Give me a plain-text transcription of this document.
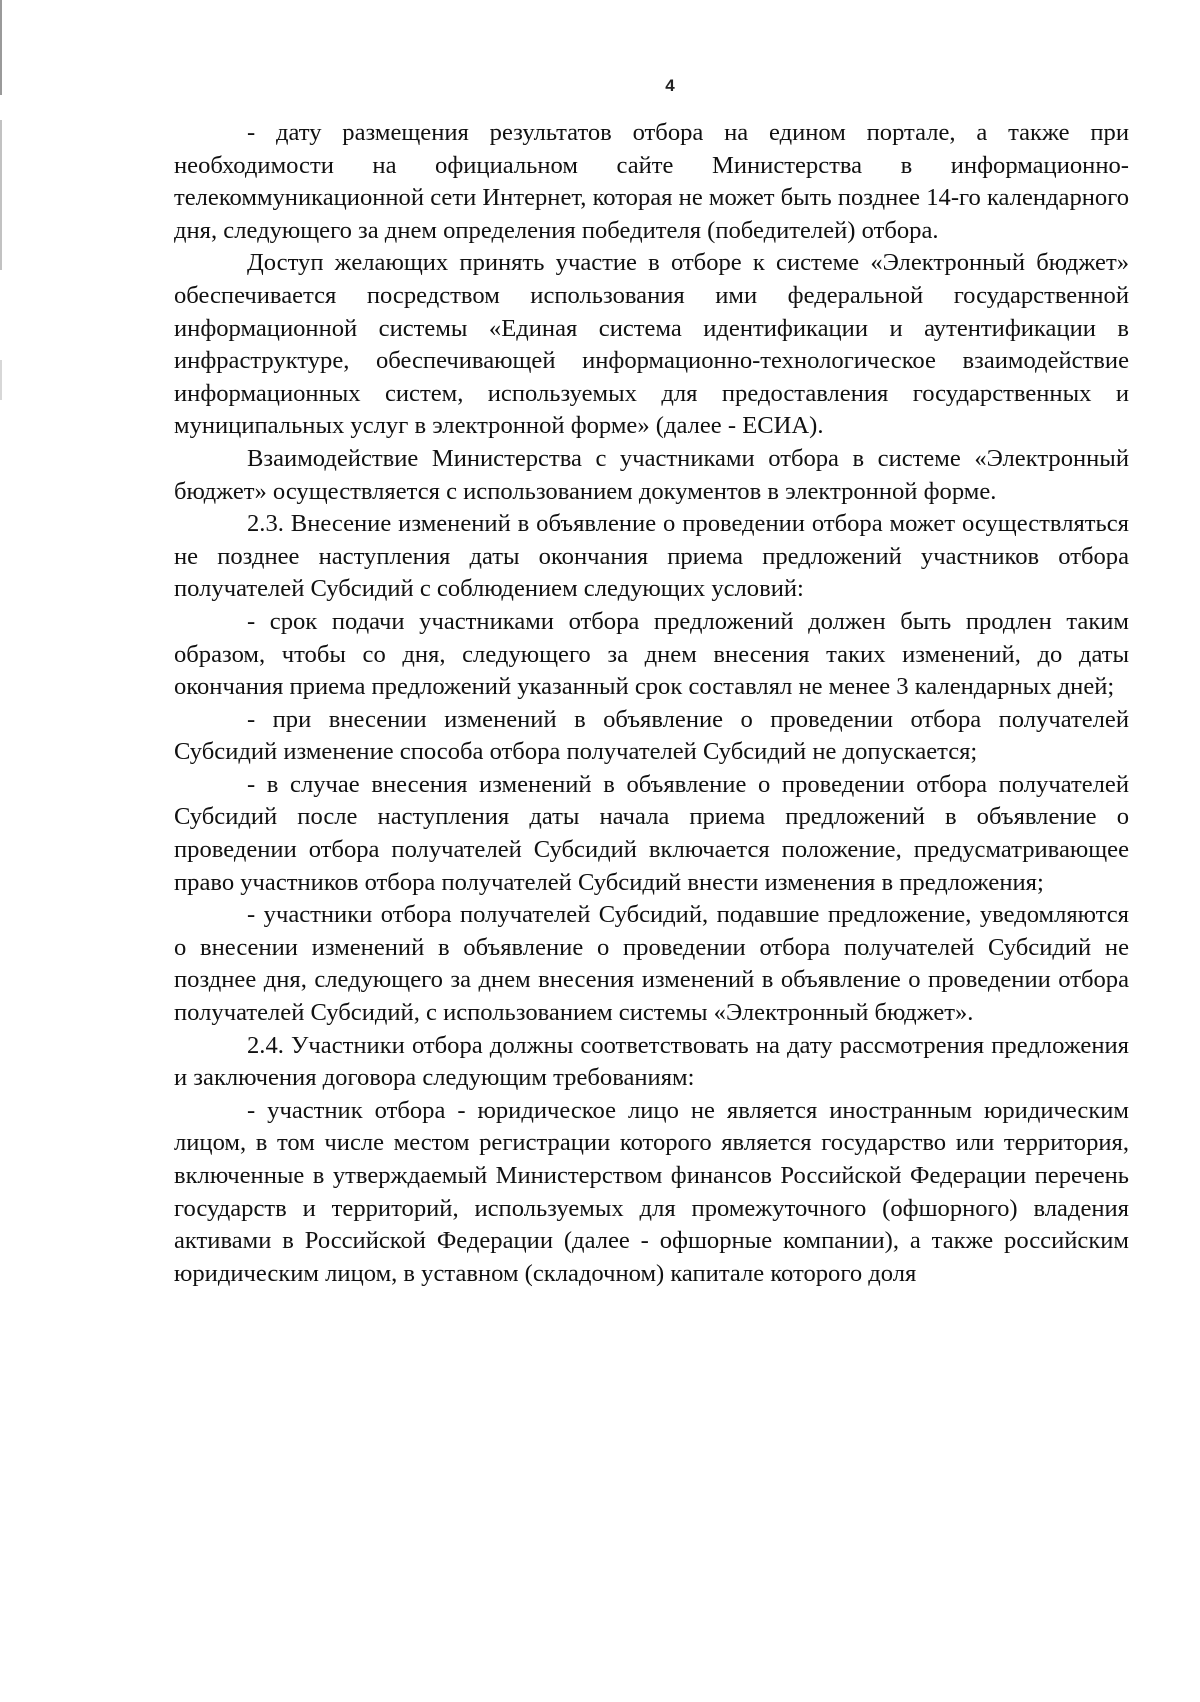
4

- дату размещения результатов отбора на едином портале, а также при необходимости на официальном сайте Министерства в информационно-телекоммуникационной сети Интернет, которая не может быть позднее 14-го календарного дня, следующего за днем определения победителя (победителей) отбора.

Доступ желающих принять участие в отборе к системе «Электронный бюджет» обеспечивается посредством использования ими федеральной государственной информационной системы «Единая система идентификации и аутентификации в инфраструктуре, обеспечивающей информационно-технологическое взаимодействие информационных систем, используемых для предоставления государственных и муниципальных услуг в электронной форме» (далее - ЕСИА).

Взаимодействие Министерства с участниками отбора в системе «Электронный бюджет» осуществляется с использованием документов в электронной форме.

2.3. Внесение изменений в объявление о проведении отбора может осуществляться не позднее наступления даты окончания приема предложений участников отбора получателей Субсидий с соблюдением следующих условий:

- срок подачи участниками отбора предложений должен быть продлен таким образом, чтобы со дня, следующего за днем внесения таких изменений, до даты окончания приема предложений указанный срок составлял не менее 3 календарных дней;

- при внесении изменений в объявление о проведении отбора получателей Субсидий изменение способа отбора получателей Субсидий не допускается;

- в случае внесения изменений в объявление о проведении отбора получателей Субсидий после наступления даты начала приема предложений в объявление о проведении отбора получателей Субсидий включается положение, предусматривающее право участников отбора получателей Субсидий внести изменения в предложения;

- участники отбора получателей Субсидий, подавшие предложение, уведомляются о внесении изменений в объявление о проведении отбора получателей Субсидий не позднее дня, следующего за днем внесения изменений в объявление о проведении отбора получателей Субсидий, с использованием системы «Электронный бюджет».

2.4. Участники отбора должны соответствовать на дату рассмотрения предложения и заключения договора следующим требованиям:

- участник отбора - юридическое лицо не является иностранным юридическим лицом, в том числе местом регистрации которого является государство или территория, включенные в утверждаемый Министерством финансов Российской Федерации перечень государств и территорий, используемых для промежуточного (офшорного) владения активами в Российской Федерации (далее - офшорные компании), а также российским юридическим лицом, в уставном (складочном) капитале которого доля
